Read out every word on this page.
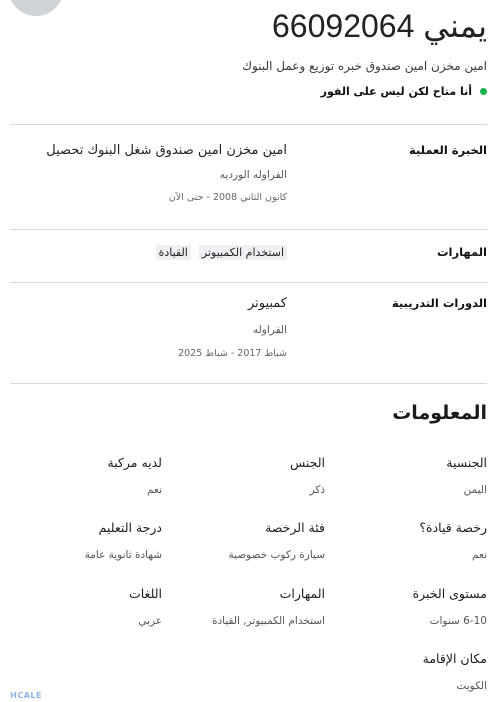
يمني 66092064
امين مخزن امين صندوق خبره توزيع وعمل البنوك
أنا متاح لكن ليس على الفور
الخبرة العملية
امين مخزن امين صندوق شغل البنوك تحصيل
الفراوله الورديه
كانون الثاني 2008 - حتى الآن
المهارات
استخدام الكمبيوتر
القيادة
الدورات التدريبية
كمبيوتر
الفراوله
شباط 2017 - شباط 2025
المعلومات
الجنسية
اليمن
الجنس
ذكر
لديه مركبة
نعم
رخصة قيادة؟
نعم
فئة الرخصة
سيارة ركوب خصوصية
درجة التعليم
شهادة ثانوية عامة
مستوى الخبرة
6-10 سنوات
المهارات
استخدام الكمبيوتر, القيادة
اللغات
عربي
مكان الإقامة
الكويت
HCALE
